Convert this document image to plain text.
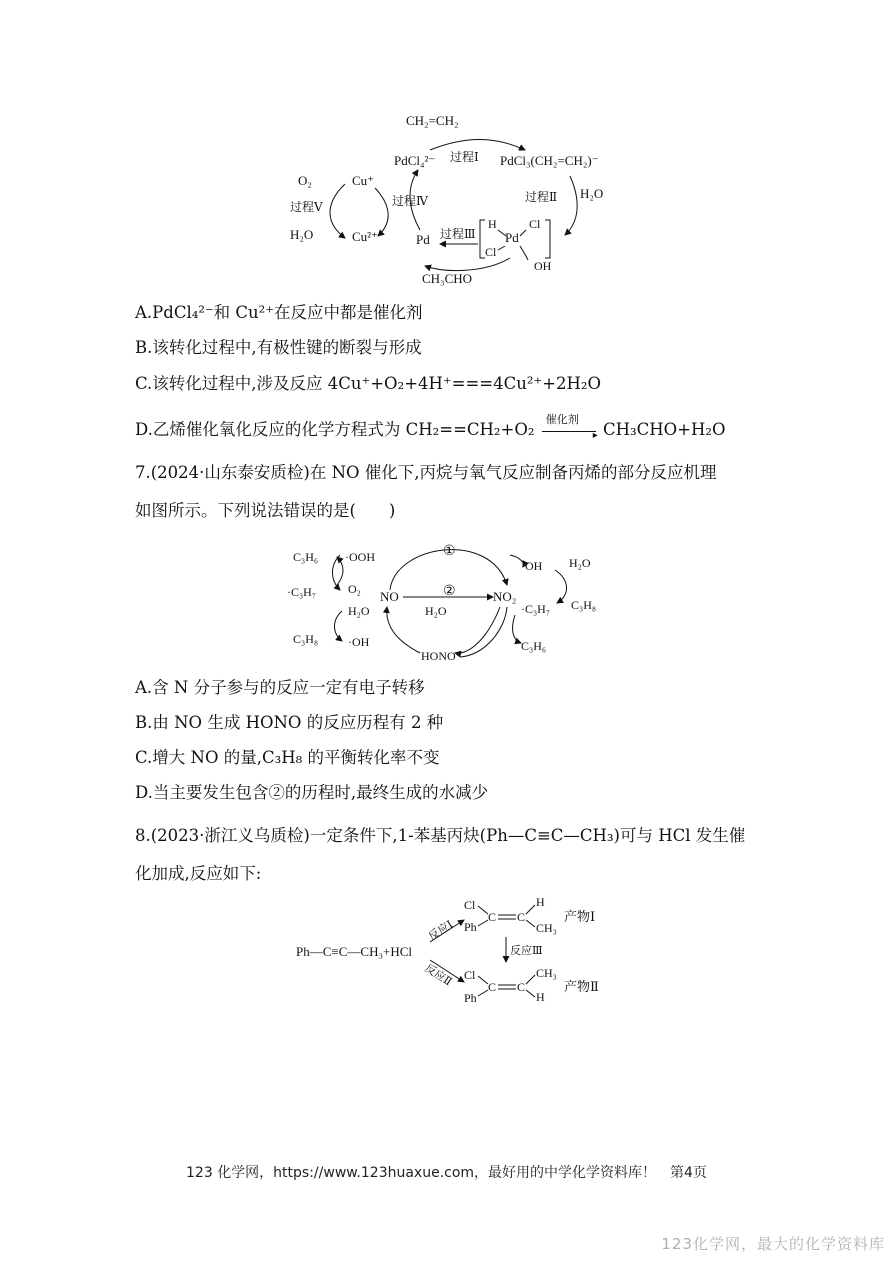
CH₂=CH₂
PdCl₄²⁻ 过程Ⅰ PdCl₃(CH₂=CH₂)⁻
过程Ⅱ H₂O
O₂
过程Ⅴ
H₂O
Cu⁺
Cu²⁺
过程Ⅳ
Pd 过程Ⅲ
H
Pd
Cl
Cl
OH
CH₃CHO
A.PdCl₄²⁻和 Cu²⁺在反应中都是催化剂
B.该转化过程中,有极性键的断裂与形成
C.该转化过程中,涉及反应 4Cu⁺+O₂+4H⁺===4Cu²⁺+2H₂O
D.乙烯催化氧化反应的化学方程式为 CH₂==CH₂+O₂
催化剂
▸ CH₃CHO+H₂O
7.(2024·山东泰安质检)在 NO 催化下,丙烷与氧气反应制备丙烯的部分反应机理
如图所示。下列说法错误的是(　　)
C₃H₆ ·OOH
·C₃H₇	O₂
H₂O
C₃H₈ ·OH
NO
①
②
H₂O
NO₂
HONO
·OH H₂O
·C₃H₇ C₃H₈
C₃H₆
A.含 N 分子参与的反应一定有电子转移
B.由 NO 生成 HONO 的反应历程有 2 种
C.增大 NO 的量,C₃H₈ 的平衡转化率不变
D.当主要发生包含②的历程时,最终生成的水减少
8.(2023·浙江义乌质检)一定条件下,1-苯基丙炔(Ph—C≡C—CH₃)可与 HCl 发生催
化加成,反应如下:
Ph—C≡C—CH₃+HCl
反应Ⅰ
反应Ⅱ
Cl
Ph
C C
H
CH₃
产物Ⅰ
反应Ⅲ
Cl
Ph
C C
CH₃
H
产物Ⅱ
123 化学网，https://www.123huaxue.com，最好用的中学化学资料库！　第4页
123化学网，最大的化学资料库
